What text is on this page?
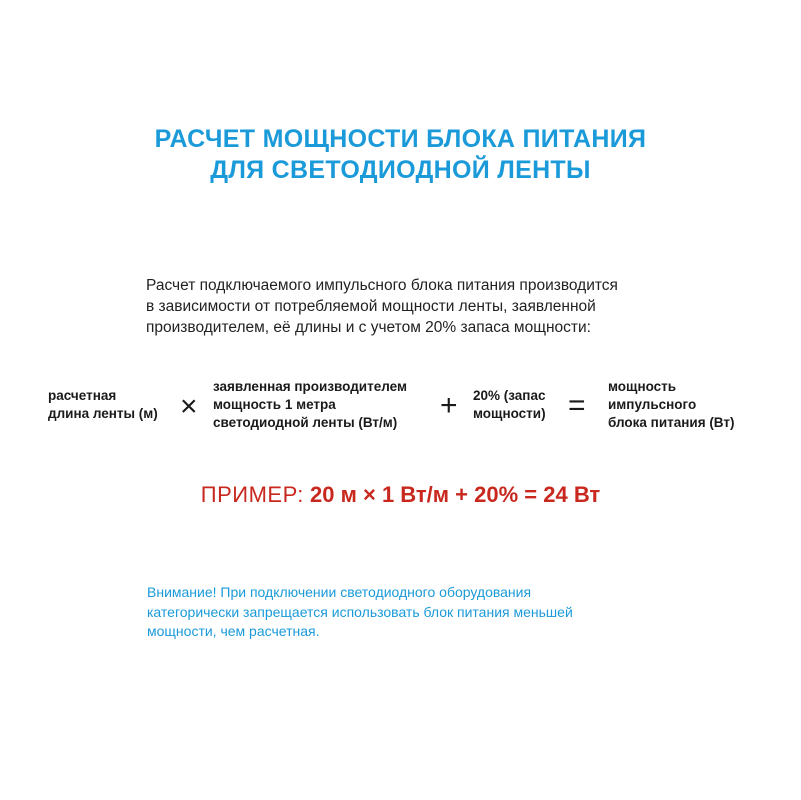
РАСЧЕТ МОЩНОСТИ БЛОКА ПИТАНИЯ
ДЛЯ СВЕТОДИОДНОЙ ЛЕНТЫ
Расчет подключаемого импульсного блока питания производится
в зависимости от потребляемой мощности ленты, заявленной
производителем, её длины и с учетом 20% запаса мощности:
расчетная
длина ленты (м) ×
заявленная производителем
мощность 1 метра
светодиодной ленты (Вт/м)
+ 20% (запас
мощности) =
мощность
импульсного
блока питания (Вт)
ПРИМЕР: 20 м × 1 Вт/м + 20% = 24 Вт
Внимание! При подключении светодиодного оборудования
категорически запрещается использовать блок питания меньшей
мощности, чем расчетная.
